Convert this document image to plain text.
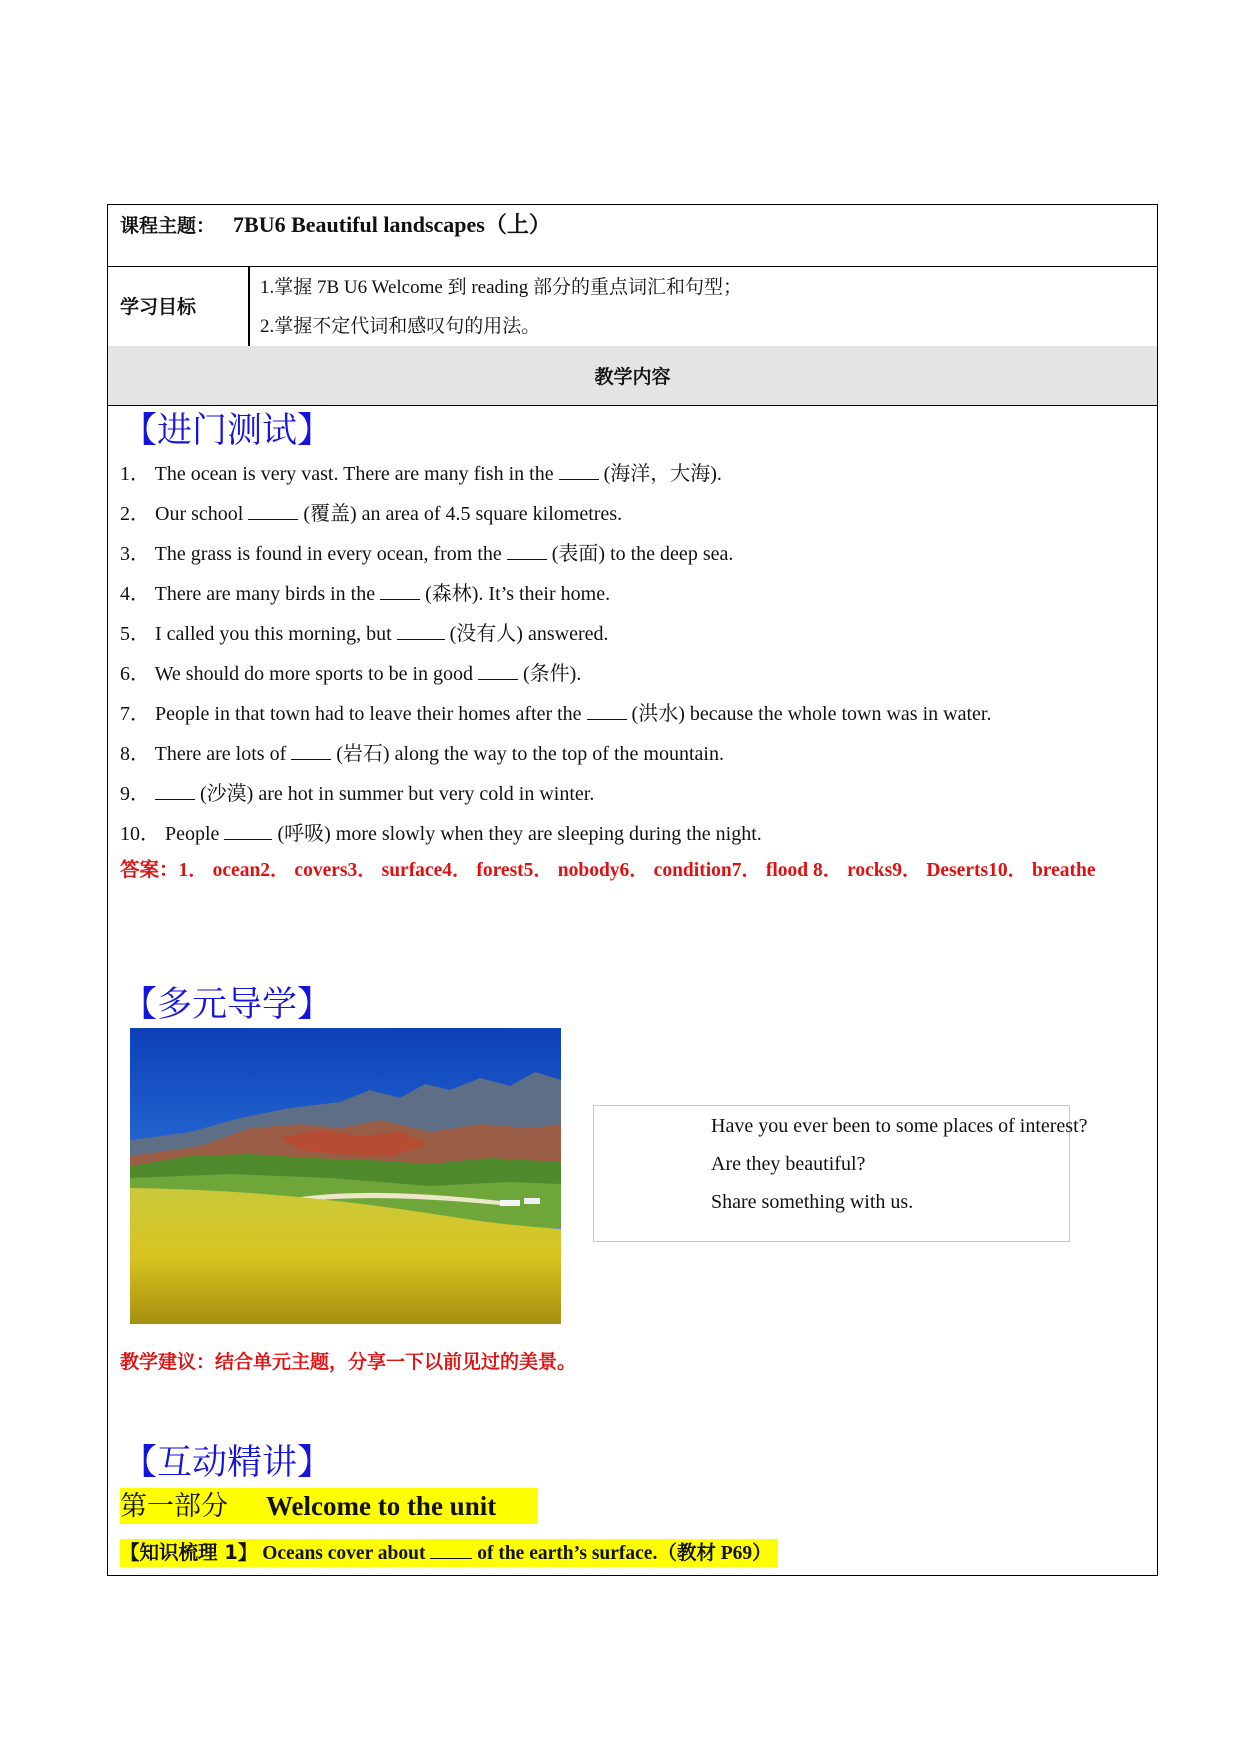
课程主题： 7BU6 Beautiful landscapes（上）
学习目标
1.掌握 7B U6 Welcome 到 reading 部分的重点词汇和句型；
2.掌握不定代词和感叹句的用法。
教学内容
【进门测试】
1． The ocean is very vast. There are many fish in the	(海洋，大海).
2． Our school	(覆盖) an area of 4.5 square kilometres.
3． The grass is found in every ocean, from the	(表面) to the deep sea.
4． There are many birds in the	(森林). It’s their home.
5． I called you this morning, but	(没有人) answered.
6． We should do more sports to be in good	(条件).
7． People in that town had to leave their homes after the	(洪水) because the whole town was in water.
8． There are lots of	(岩石) along the way to the top of the mountain.
9．	(沙漠) are hot in summer but very cold in winter.
10． People	(呼吸) more slowly when they are sleeping during the night.
答案：1． ocean2． covers3． surface4． forest5． nobody6． condition7． flood 8． rocks9． Deserts10． breathe
【多元导学】
Have you ever been to some places of interest?
Are they beautiful?
Share something with us.
教学建议：结合单元主题，分享一下以前见过的美景。
【互动精讲】
第一部分 Welcome to the unit
【知识梳理 1】 Oceans cover about	of the earth’s surface.（教材 P69）
